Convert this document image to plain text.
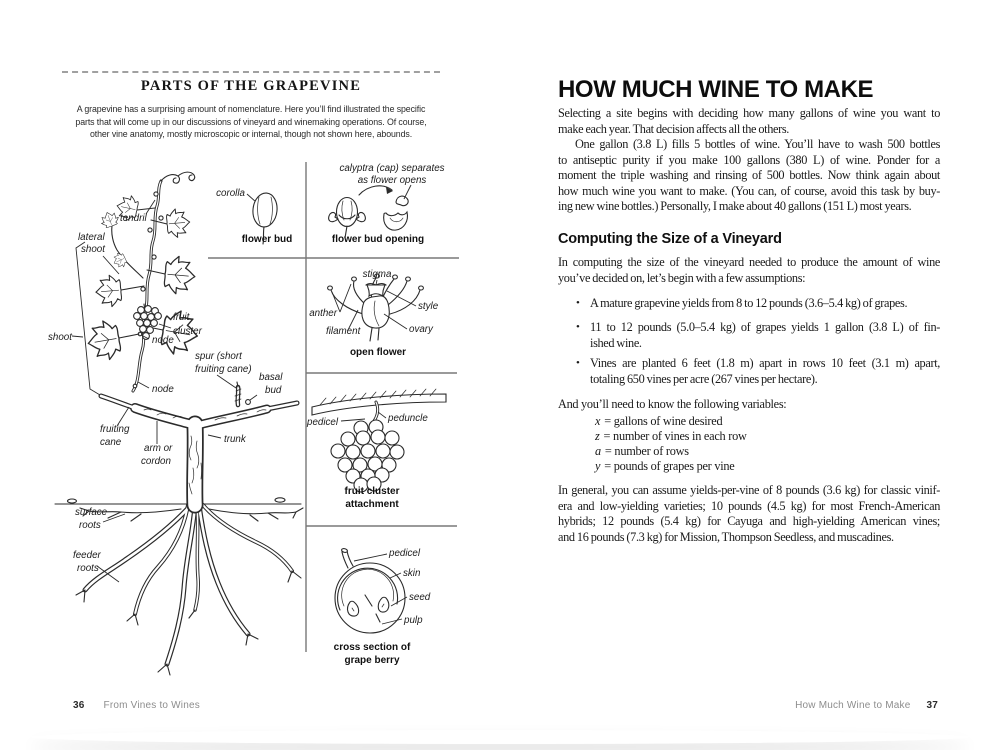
PARTS OF THE GRAPEVINE
A grapevine has a surprising amount of nomenclature. Here you’ll find illustrated the specific
parts that will come up in our discussions of vineyard and winemaking operations. Of course,
other vine anatomy, mostly microscopic or internal, though not shown here, abounds.
tendril
lateral
shoot
shoot
fruit
cluster
node
node
spur (short
fruiting cane)
basal
bud
fruiting
cane
arm or
cordon
trunk
surface
roots
feeder
roots
corolla
flower bud
calyptra (cap) separates
as flower opens
flower bud opening
stigma
anther
style
filament	ovary
open flower
pedicel	peduncle
fruit cluster
attachment
pedicel
skin
seed
pulp
cross section of
grape berry
36 From Vines to Wines
HOW MUCH WINE TO MAKE
Selecting a site begins with deciding how many gallons of wine you want to
make each year. That decision affects all the others.
One gallon (3.8 L) fills 5 bottles of wine. You’ll have to wash 500 bottles
to antiseptic purity if you make 100 gallons (380 L) of wine. Ponder for a
moment the triple washing and rinsing of 500 bottles. Now think again about
how much wine you want to make. (You can, of course, avoid this task by buy-
ing new wine bottles.) Personally, I make about 40 gallons (151 L) most years.
Computing the Size of a Vineyard
In computing the size of the vineyard needed to produce the amount of wine
you’ve decided on, let’s begin with a few assumptions:
• A mature grapevine yields from 8 to 12 pounds (3.6–5.4 kg) of grapes.
• 11 to 12 pounds (5.0–5.4 kg) of grapes yields 1 gallon (3.8 L) of fin-
ished wine.
• Vines are planted 6 feet (1.8 m) apart in rows 10 feet (3.1 m) apart,
totaling 650 vines per acre (267 vines per hectare).
And you’ll need to know the following variables:
x = gallons of wine desired
z = number of vines in each row
a = number of rows
y = pounds of grapes per vine
In general, you can assume yields-per-vine of 8 pounds (3.6 kg) for classic vinif-
era and low-yielding varieties; 10 pounds (4.5 kg) for most French-American
hybrids; 12 pounds (5.4 kg) for Cayuga and high-yielding American vines;
and 16 pounds (7.3 kg) for Mission, Thompson Seedless, and muscadines.
How Much Wine to Make 37
